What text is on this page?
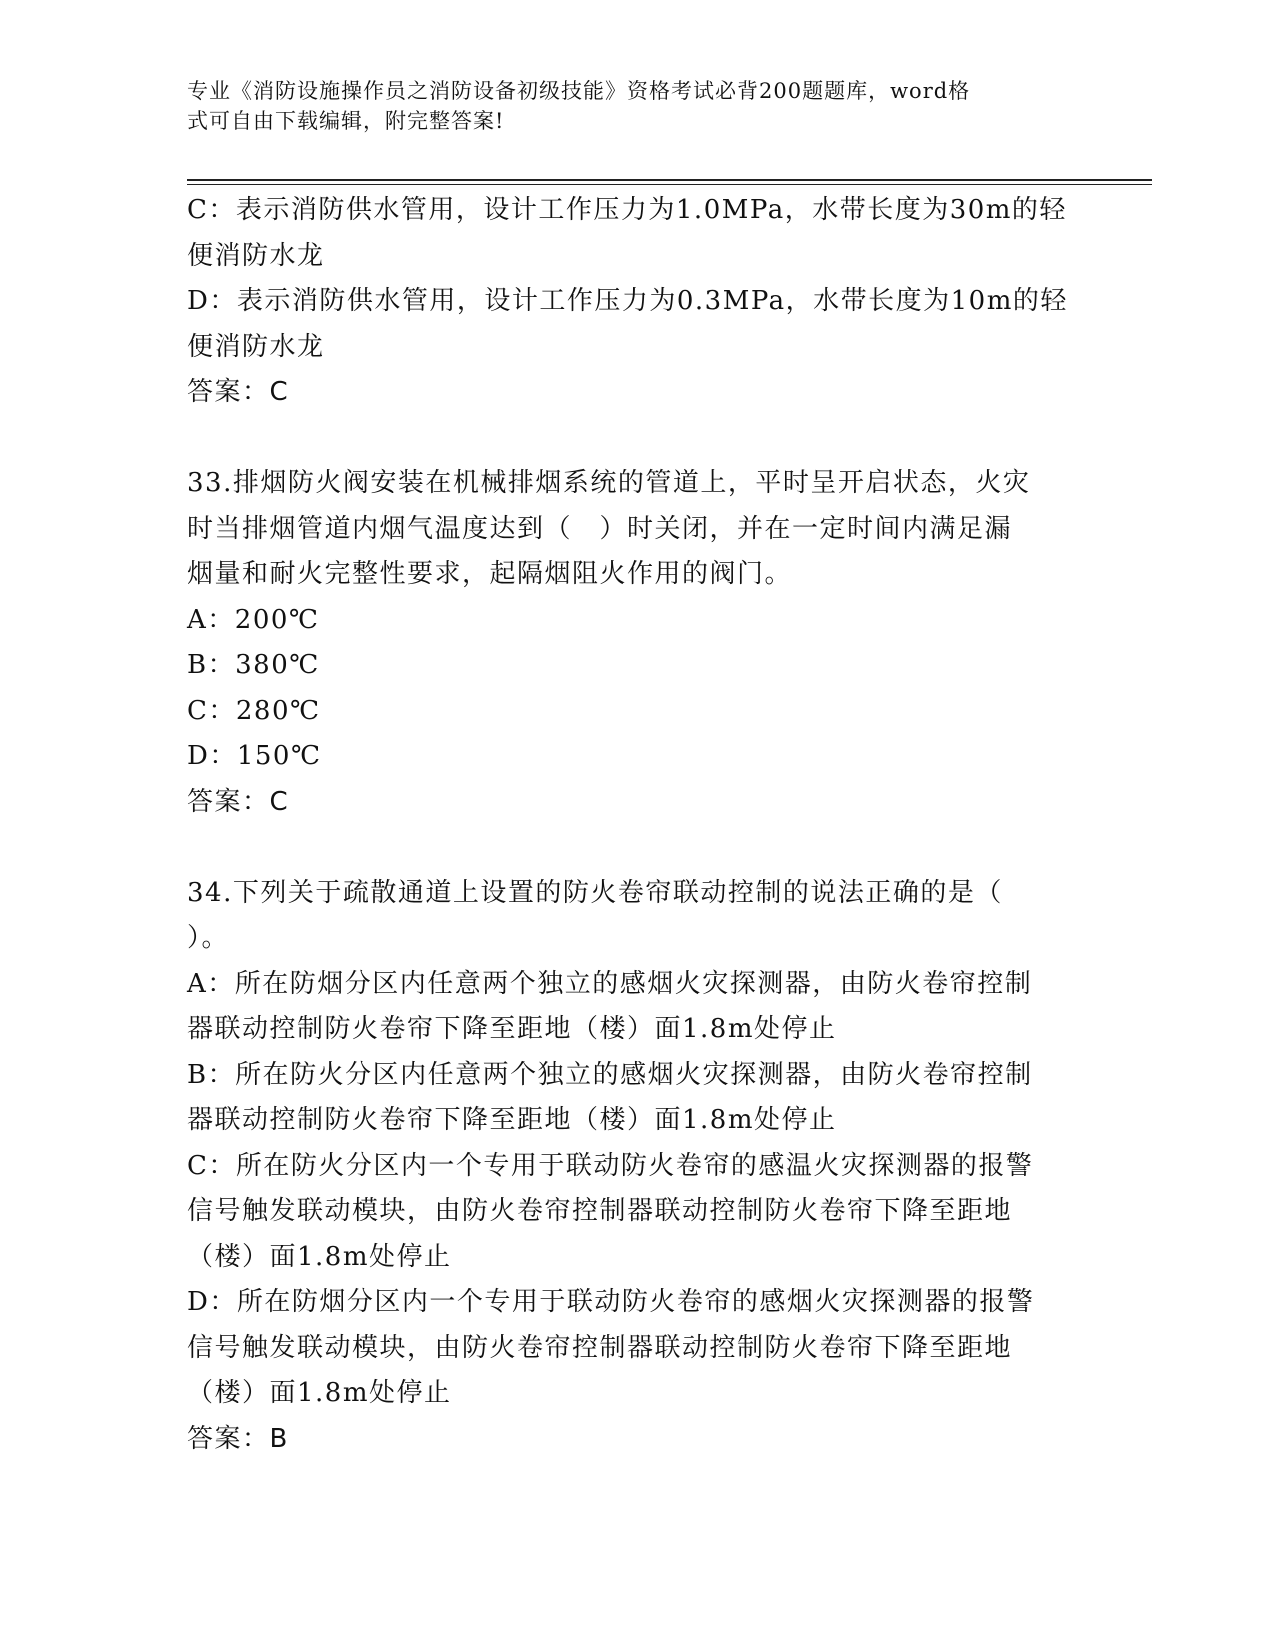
专业《消防设施操作员之消防设备初级技能》资格考试必背200题题库，word格
式可自由下载编辑，附完整答案!
C：表示消防供水管用，设计工作压力为1.0MPa，水带长度为30m的轻
便消防水龙
D：表示消防供水管用，设计工作压力为0.3MPa，水带长度为10m的轻
便消防水龙
答案：C
33.排烟防火阀安装在机械排烟系统的管道上，平时呈开启状态，火灾
时当排烟管道内烟气温度达到（　）时关闭，并在一定时间内满足漏
烟量和耐火完整性要求，起隔烟阻火作用的阀门。
A：200℃
B：380℃
C：280℃
D：150℃
答案：C
34.下列关于疏散通道上设置的防火卷帘联动控制的说法正确的是（
）。
A：所在防烟分区内任意两个独立的感烟火灾探测器，由防火卷帘控制
器联动控制防火卷帘下降至距地（楼）面1.8m处停止
B：所在防火分区内任意两个独立的感烟火灾探测器，由防火卷帘控制
器联动控制防火卷帘下降至距地（楼）面1.8m处停止
C：所在防火分区内一个专用于联动防火卷帘的感温火灾探测器的报警
信号触发联动模块，由防火卷帘控制器联动控制防火卷帘下降至距地
（楼）面1.8m处停止
D：所在防烟分区内一个专用于联动防火卷帘的感烟火灾探测器的报警
信号触发联动模块，由防火卷帘控制器联动控制防火卷帘下降至距地
（楼）面1.8m处停止
答案：B
